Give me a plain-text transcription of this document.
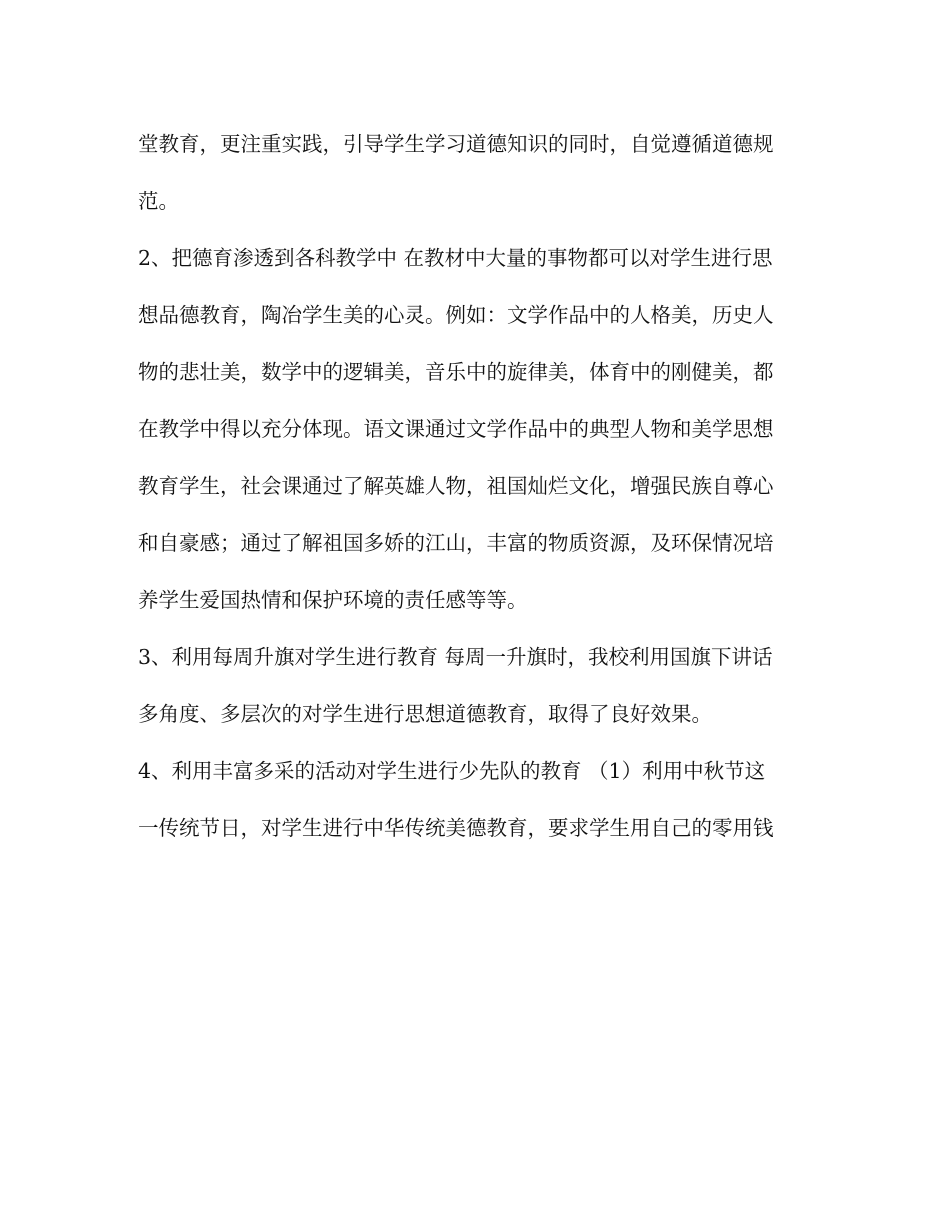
堂教育，更注重实践，引导学生学习道德知识的同时，自觉遵循道德规
范。
2、把德育渗透到各科教学中 在教材中大量的事物都可以对学生进行思
想品德教育，陶冶学生美的心灵。例如：文学作品中的人格美，历史人
物的悲壮美，数学中的逻辑美，音乐中的旋律美，体育中的刚健美，都
在教学中得以充分体现。语文课通过文学作品中的典型人物和美学思想
教育学生，社会课通过了解英雄人物，祖国灿烂文化，增强民族自尊心
和自豪感；通过了解祖国多娇的江山，丰富的物质资源，及环保情况培
养学生爱国热情和保护环境的责任感等等。
3、利用每周升旗对学生进行教育 每周一升旗时，我校利用国旗下讲话
多角度、多层次的对学生进行思想道德教育，取得了良好效果。
4、利用丰富多采的活动对学生进行少先队的教育 （1）利用中秋节这
一传统节日，对学生进行中华传统美德教育，要求学生用自己的零用钱
